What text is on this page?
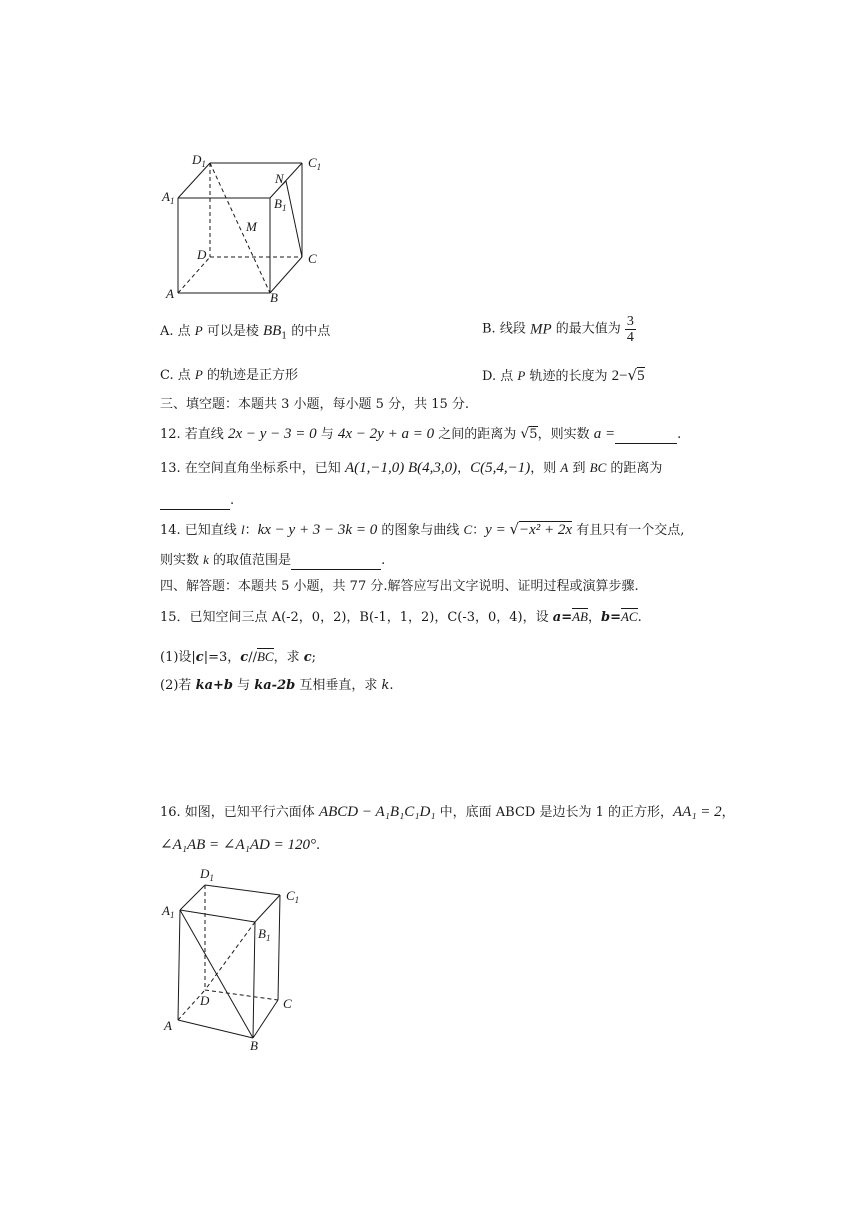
$D_1$	$C_1$
N
$A_1$	$B_1$
M
D	C
A	B
A. 点 P 可以是棱 $BB_1$ 的中点	B. 线段 MP 的最大值为 $\frac{3}{4}$
C. 点 P 的轨迹是正方形	D. 点 P 轨迹的长度为 2−√5
三、填空题：本题共 3 小题，每小题 5 分，共 15 分.
12. 若直线 2x − y − 3 = 0 与 4x − 2y + a = 0 之间的距离为 √5，则实数 a =	.
13. 在空间直角坐标系中，已知 A(1,−1,0) B(4,3,0)，C(5,4,−1)，则 A 到 BC 的距离为
.
14. 已知直线 l：kx − y + 3 − 3k = 0 的图象与曲线 C：y = √−x² + 2x 有且只有一个交点,
则实数 k 的取值范围是	.
四、解答题：本题共 5 小题，共 77 分.解答应写出文字说明、证明过程或演算步骤.
15．已知空间三点 A(-2，0，2)，B(-1，1，2)，C(-3，0，4)，设 a=AB，b=AC.
(1)设|c|=3，c//BC，求 c;
(2)若 ka+b 与 ka-2b 互相垂直，求 k.
16. 如图，已知平行六面体 ABCD − A₁B₁C₁D₁ 中，底面 ABCD 是边长为 1 的正方形，AA₁ = 2，
∠A₁AB = ∠A₁AD = 120°.
$D_1$
$C_1$
$A_1$
$B_1$
D	C
A
B
